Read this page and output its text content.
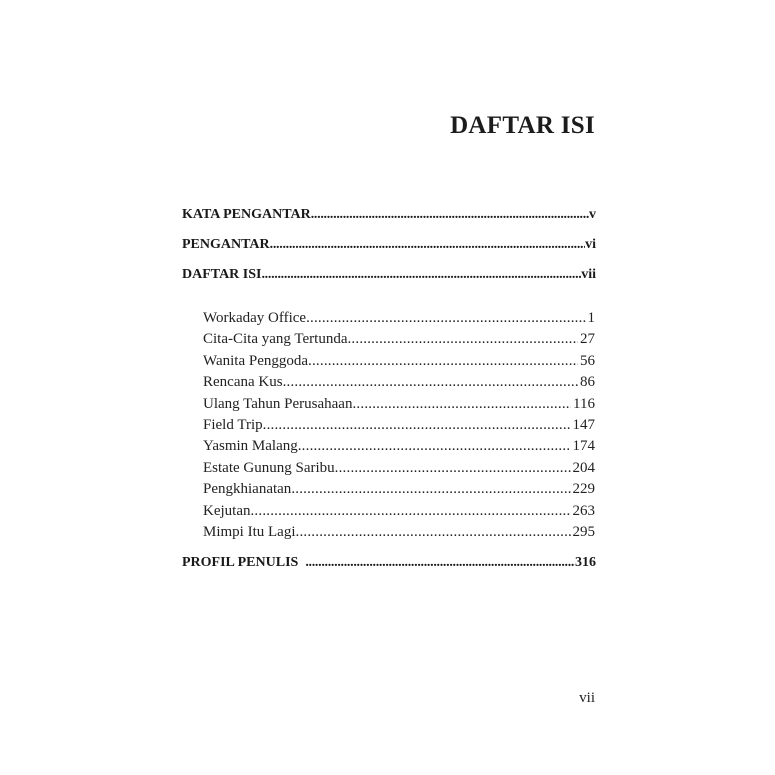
DAFTAR ISI
KATA PENGANTAR .....	v
PENGANTAR .....	vi
DAFTAR ISI .....	vii
Workaday Office .....	1
Cita-Cita yang Tertunda .....	27
Wanita Penggoda .....	56
Rencana Kus .....	86
Ulang Tahun Perusahaan .....	116
Field Trip .....	147
Yasmin Malang .....	174
Estate Gunung Saribu .....	204
Pengkhianatan .....	229
Kejutan .....	263
Mimpi Itu Lagi .....	295
PROFIL PENULIS .....	316
vii
